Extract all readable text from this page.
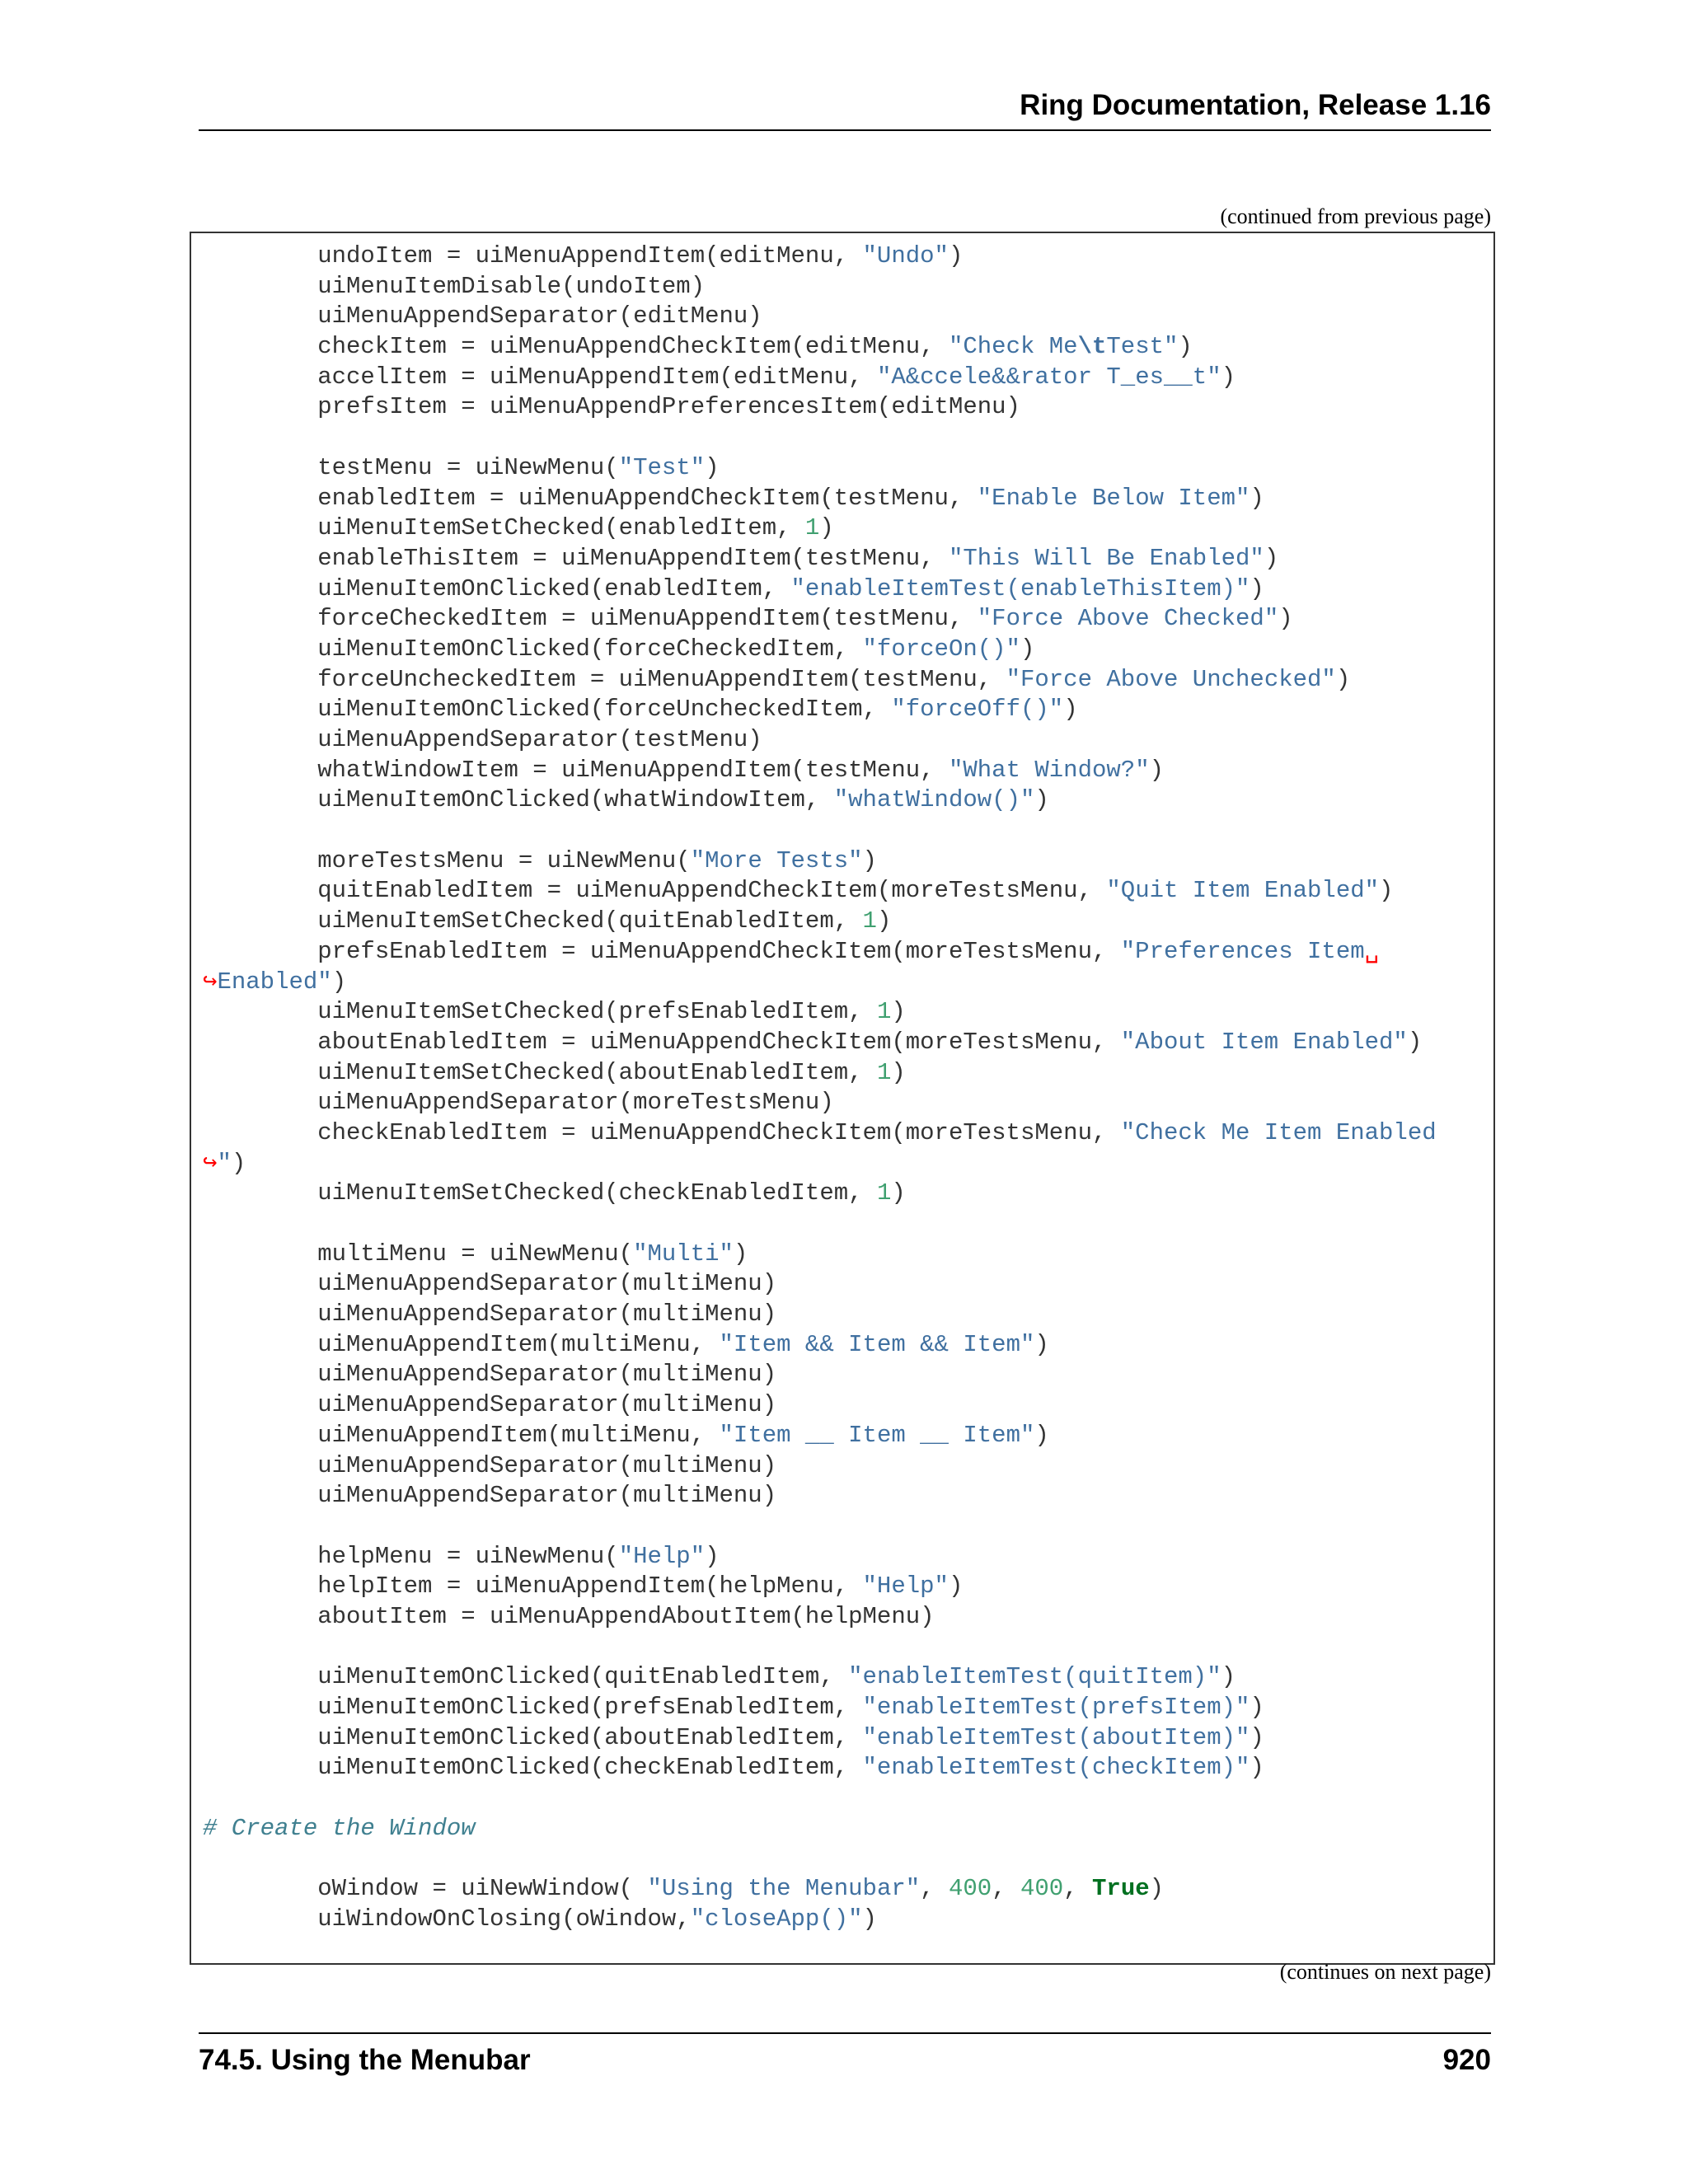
Ring Documentation, Release 1.16
(continued from previous page)
undoItem = uiMenuAppendItem(editMenu, "Undo")
uiMenuItemDisable(undoItem)
uiMenuAppendSeparator(editMenu)
checkItem = uiMenuAppendCheckItem(editMenu, "Check Me\tTest")
accelItem = uiMenuAppendItem(editMenu, "A&ccele&&rator T_es__t")
prefsItem = uiMenuAppendPreferencesItem(editMenu)

testMenu = uiNewMenu("Test")
enabledItem = uiMenuAppendCheckItem(testMenu, "Enable Below Item")
uiMenuItemSetChecked(enabledItem, 1)
enableThisItem = uiMenuAppendItem(testMenu, "This Will Be Enabled")
uiMenuItemOnClicked(enabledItem, "enableItemTest(enableThisItem)")
forceCheckedItem = uiMenuAppendItem(testMenu, "Force Above Checked")
uiMenuItemOnClicked(forceCheckedItem, "forceOn()")
forceUncheckedItem = uiMenuAppendItem(testMenu, "Force Above Unchecked")
uiMenuItemOnClicked(forceUncheckedItem, "forceOff()")
uiMenuAppendSeparator(testMenu)
whatWindowItem = uiMenuAppendItem(testMenu, "What Window?")
uiMenuItemOnClicked(whatWindowItem, "whatWindow()")

moreTestsMenu = uiNewMenu("More Tests")
quitEnabledItem = uiMenuAppendCheckItem(moreTestsMenu, "Quit Item Enabled")
uiMenuItemSetChecked(quitEnabledItem, 1)
prefsEnabledItem = uiMenuAppendCheckItem(moreTestsMenu, "Preferences Item␣
↪Enabled")
uiMenuItemSetChecked(prefsEnabledItem, 1)
aboutEnabledItem = uiMenuAppendCheckItem(moreTestsMenu, "About Item Enabled")
uiMenuItemSetChecked(aboutEnabledItem, 1)
uiMenuAppendSeparator(moreTestsMenu)
checkEnabledItem = uiMenuAppendCheckItem(moreTestsMenu, "Check Me Item Enabled
↪")
uiMenuItemSetChecked(checkEnabledItem, 1)

multiMenu = uiNewMenu("Multi")
uiMenuAppendSeparator(multiMenu)
uiMenuAppendSeparator(multiMenu)
uiMenuAppendItem(multiMenu, "Item && Item && Item")
uiMenuAppendSeparator(multiMenu)
uiMenuAppendSeparator(multiMenu)
uiMenuAppendItem(multiMenu, "Item __ Item __ Item")
uiMenuAppendSeparator(multiMenu)
uiMenuAppendSeparator(multiMenu)

helpMenu = uiNewMenu("Help")
helpItem = uiMenuAppendItem(helpMenu, "Help")
aboutItem = uiMenuAppendAboutItem(helpMenu)

uiMenuItemOnClicked(quitEnabledItem, "enableItemTest(quitItem)")
uiMenuItemOnClicked(prefsEnabledItem, "enableItemTest(prefsItem)")
uiMenuItemOnClicked(aboutEnabledItem, "enableItemTest(aboutItem)")
uiMenuItemOnClicked(checkEnabledItem, "enableItemTest(checkItem)")

# Create the Window

oWindow = uiNewWindow( "Using the Menubar", 400, 400, True)
uiWindowOnClosing(oWindow,"closeApp()")
(continues on next page)
74.5. Using the Menubar	920
